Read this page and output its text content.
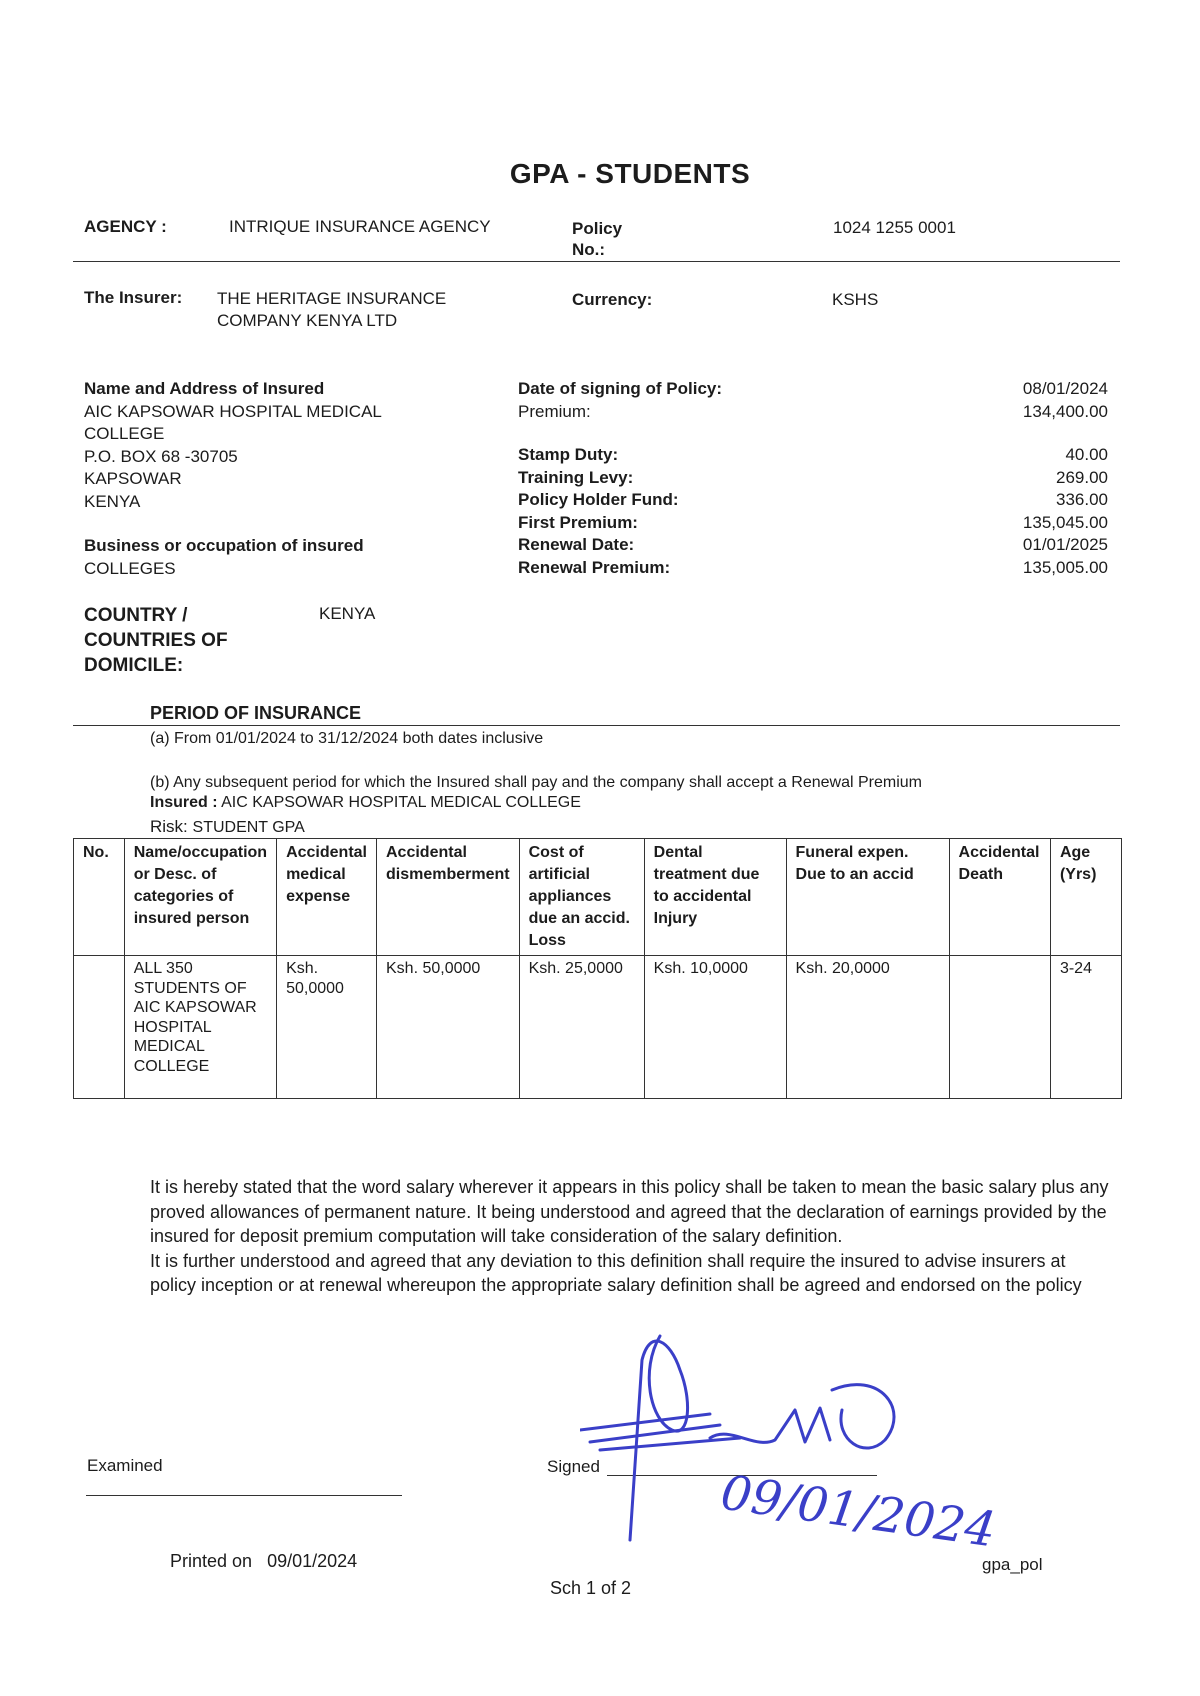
GPA - STUDENTS
AGENCY :	INTRIQUE INSURANCE AGENCY	Policy
No.:
1024 1255 0001
The Insurer: THE HERITAGE INSURANCE
COMPANY KENYA LTD
Currency:	KSHS
Name and Address of Insured
AIC KAPSOWAR HOSPITAL MEDICAL
COLLEGE
P.O. BOX 68 -30705
KAPSOWAR
KENYA
Business or occupation of insured
COLLEGES
Date of signing of Policy:	08/01/2024
Premium:	134,400.00
Stamp Duty:	40.00
Training Levy:	269.00
Policy Holder Fund:	336.00
First Premium:	135,045.00
Renewal Date:	01/01/2025
Renewal Premium:	135,005.00
COUNTRY /
COUNTRIES OF
DOMICILE:
KENYA
PERIOD OF INSURANCE
(a) From 01/01/2024 to 31/12/2024 both dates inclusive
(b) Any subsequent period for which the Insured shall pay and the company shall accept a Renewal Premium
Insured : AIC KAPSOWAR HOSPITAL MEDICAL COLLEGE
Risk: STUDENT GPA
No.	Name/occupation or Desc. of categories of insured person	Accidental medical expense	Accidental dismemberment	Cost of artificial appliances due an accid. Loss	Dental treatment due to accidental Injury	Funeral expen. Due to an accid	Accidental Death	Age (Yrs)
	ALL 350 STUDENTS OF AIC KAPSOWAR HOSPITAL MEDICAL COLLEGE	Ksh. 50,0000	Ksh. 50,0000	Ksh. 25,0000	Ksh. 10,0000	Ksh. 20,0000		3-24

It is hereby stated that the word salary wherever it appears in this policy shall be taken to mean the basic salary plus any proved allowances of permanent nature. It being understood and agreed that the declaration of earnings provided by the insured for deposit premium computation will take consideration of the salary definition.

It is further understood and agreed that any deviation to this definition shall require the insured to advise insurers at policy inception or at renewal whereupon the appropriate salary definition shall be agreed and endorsed on the policy

Examined	Signed 09/01/2024
Printed on 09/01/2024	gpa_pol
Sch 1 of 2
